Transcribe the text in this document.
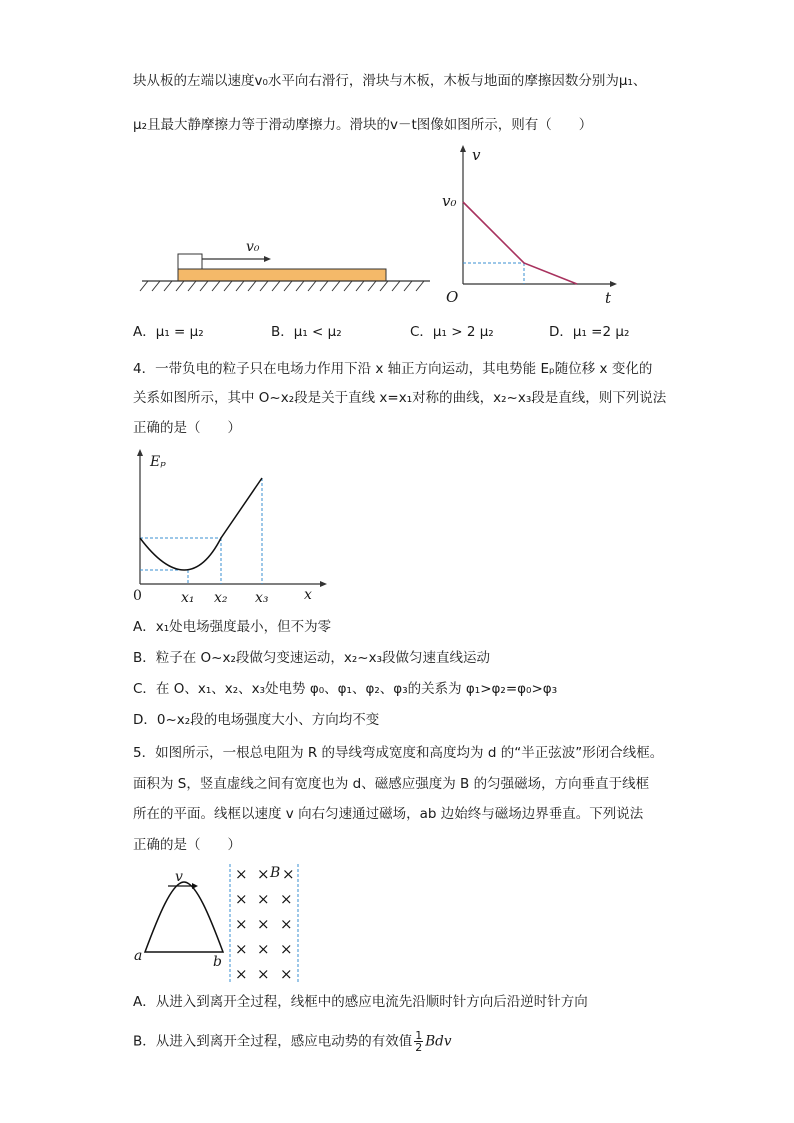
块从板的左端以速度v₀水平向右滑行，滑块与木板，木板与地面的摩擦因数分别为μ₁、
μ₂且最大静摩擦力等于滑动摩擦力。滑块的v－t图像如图所示，则有（　　）
v₀
v
v₀
O	t
A．μ₁ = μ₂	B．μ₁ < μ₂	C．μ₁ > 2 μ₂	D．μ₁ =2 μ₂
4．一带负电的粒子只在电场力作用下沿 x 轴正方向运动，其电势能 Eₚ随位移 x 变化的
关系如图所示，其中 O~x₂段是关于直线 x=x₁对称的曲线，x₂~x₃段是直线，则下列说法
正确的是（　　）
Eₚ
0	x₁ x₂ x₃	x
A．x₁处电场强度最小，但不为零
B．粒子在 O~x₂段做匀变速运动，x₂~x₃段做匀速直线运动
C．在 O、x₁、x₂、x₃处电势 φ₀、φ₁、φ₂、φ₃的关系为 φ₁>φ₂=φ₀>φ₃
D．0~x₂段的电场强度大小、方向均不变
5．如图所示，一根总电阻为 R 的导线弯成宽度和高度均为 d 的“半正弦波”形闭合线框。
面积为 S，竖直虚线之间有宽度也为 d、磁感应强度为 B 的匀强磁场，方向垂直于线框
所在的平面。线框以速度 v 向右匀速通过磁场，ab 边始终与磁场边界垂直。下列说法
正确的是（　　）
v
a	b
× × ×
× × ×
× × ×
× × ×
× × ×
B
A．从进入到离开全过程，线框中的感应电流先沿顺时针方向后沿逆时针方向
B．从进入到离开全过程，感应电动势的有效值 $\frac{1}{2}$ Bdv
